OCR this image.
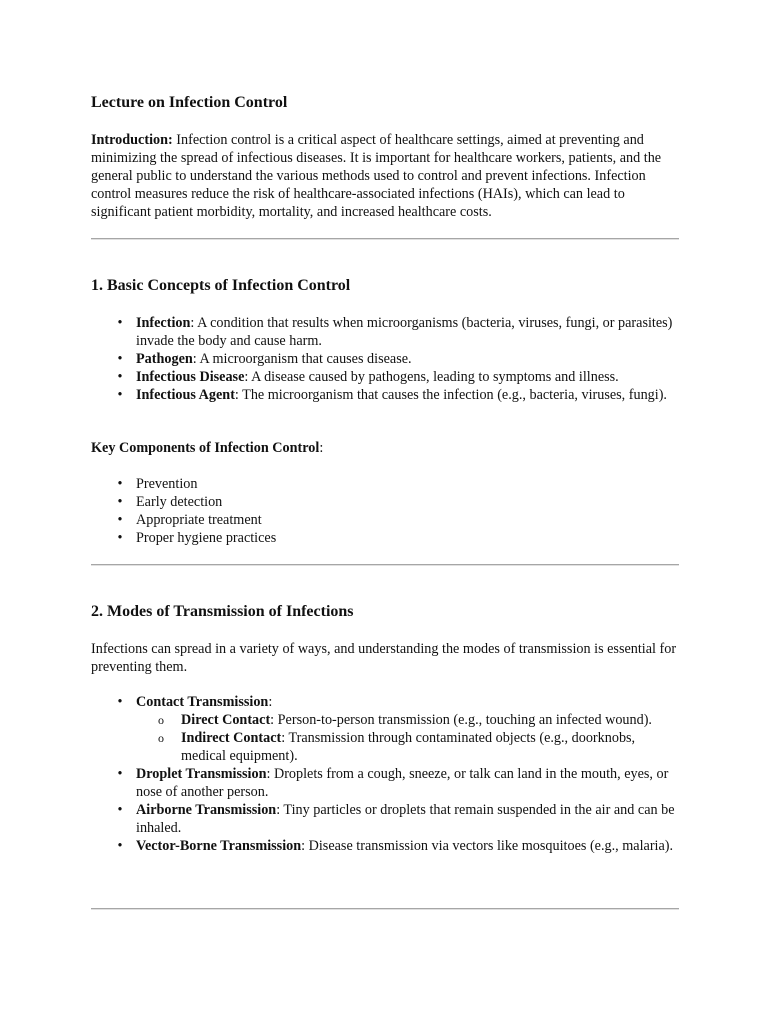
Lecture on Infection Control

Introduction: Infection control is a critical aspect of healthcare settings, aimed at preventing and minimizing the spread of infectious diseases. It is important for healthcare workers, patients, and the general public to understand the various methods used to control and prevent infections. Infection control measures reduce the risk of healthcare-associated infections (HAIs), which can lead to significant patient morbidity, mortality, and increased healthcare costs.

1. Basic Concepts of Infection Control
• Infection: A condition that results when microorganisms (bacteria, viruses, fungi, or parasites) invade the body and cause harm.
• Pathogen: A microorganism that causes disease.
• Infectious Disease: A disease caused by pathogens, leading to symptoms and illness.
• Infectious Agent: The microorganism that causes the infection (e.g., bacteria, viruses, fungi).

Key Components of Infection Control:

• Prevention
• Early detection
• Appropriate treatment
• Proper hygiene practices
2. Modes of Transmission of Infections

Infections can spread in a variety of ways, and understanding the modes of transmission is essential for preventing them.

• Contact Transmission:
o Direct Contact: Person-to-person transmission (e.g., touching an infected wound).
o Indirect Contact: Transmission through contaminated objects (e.g., doorknobs, medical equipment).
• Droplet Transmission: Droplets from a cough, sneeze, or talk can land in the mouth, eyes, or nose of another person.
• Airborne Transmission: Tiny particles or droplets that remain suspended in the air and can be inhaled.
• Vector-Borne Transmission: Disease transmission via vectors like mosquitoes (e.g., malaria).
